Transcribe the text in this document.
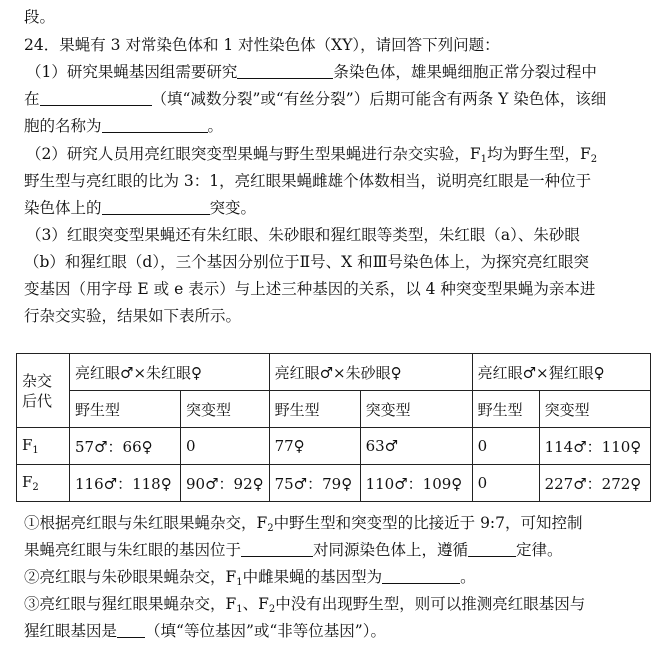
段。
24．果蝇有 3 对常染色体和 1 对性染色体（XY），请回答下列问题：
（1）研究果蝇基因组需要研究	条染色体，雄果蝇细胞正常分裂过程中
在	（填“减数分裂”或“有丝分裂”）后期可能含有两条 Y 染色体，该细
胞的名称为	。
（2）研究人员用亮红眼突变型果蝇与野生型果蝇进行杂交实验，$F_1$均为野生型，$F_2$
野生型与亮红眼的比为 3：1，亮红眼果蝇雌雄个体数相当，说明亮红眼是一种位于
染色体上的	突变。
（3）红眼突变型果蝇还有朱红眼、朱砂眼和猩红眼等类型，朱红眼（a）、朱砂眼
（b）和猩红眼（d），三个基因分别位于Ⅱ号、X 和Ⅲ号染色体上，为探究亮红眼突
变基因（用字母 E 或 e 表示）与上述三种基因的关系，以 4 种突变型果蝇为亲本进
行杂交实验，结果如下表所示。
杂交
后代	亮红眼♂×朱红眼♀		亮红眼♂×朱砂眼♀		亮红眼♂×猩红眼♀	
	野生型	突变型	野生型	突变型	野生型	突变型
$F_1$	57♂：66♀	0	77♀	63♂	0	114♂：110♀
$F_2$	116♂：118♀	90♂：92♀	75♂：79♀	110♂：109♀	0	227♂：272♀
①根据亮红眼与朱红眼果蝇杂交，$F_2$中野生型和突变型的比接近于 9:7，可知控制
果蝇亮红眼与朱红眼的基因位于	对同源染色体上，遵循	定律。
②亮红眼与朱砂眼果蝇杂交，$F_1$中雌果蝇的基因型为	。
③亮红眼与猩红眼果蝇杂交，$F_1$、$F_2$中没有出现野生型，则可以推测亮红眼基因与
猩红眼基因是 （填“等位基因”或“非等位基因”）。
